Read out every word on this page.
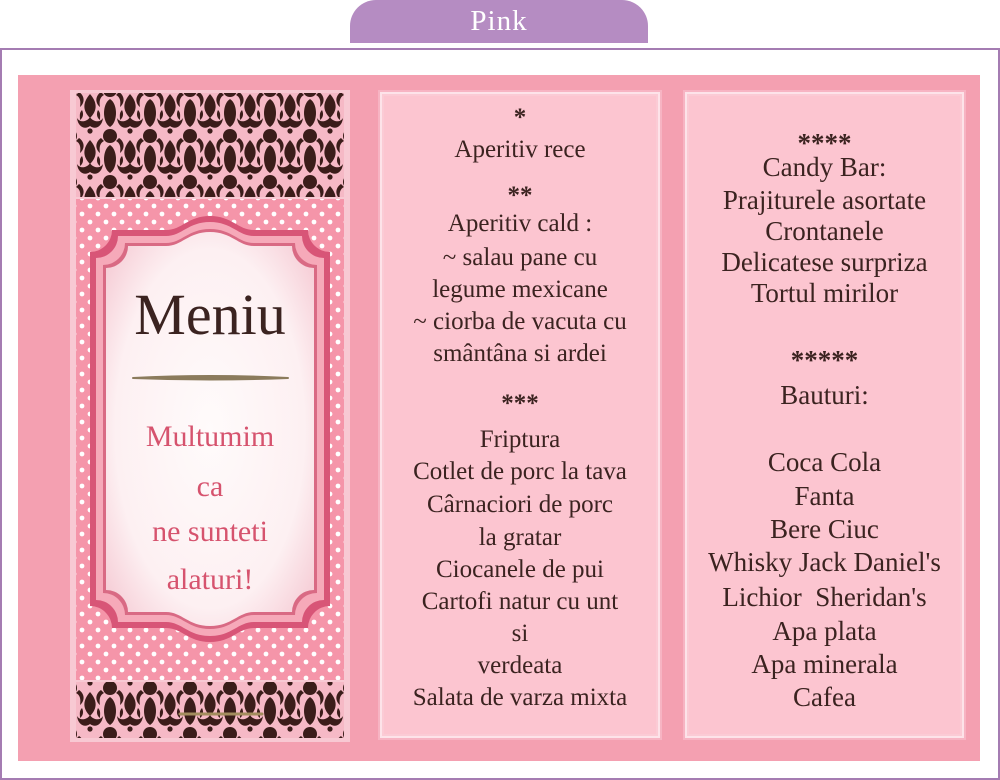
Pink
Meniu
Multumim
ca
ne sunteti
alaturi!
*
Aperitiv rece
**
Aperitiv cald :
~ salau pane cu
legume mexicane
~ ciorba de vacuta cu
smântâna si ardei
***
Friptura
Cotlet de porc la tava
Cârnaciori de porc
la gratar
Ciocanele de pui
Cartofi natur cu unt
si
verdeata
Salata de varza mixta
****
Candy Bar:
Prajiturele asortate
Crontanele
Delicatese surpriza
Tortul mirilor
*****
Bauturi:
Coca Cola
Fanta
Bere Ciuc
Whisky Jack Daniel's
Lichior  Sheridan's
Apa plata
Apa minerala
Cafea
